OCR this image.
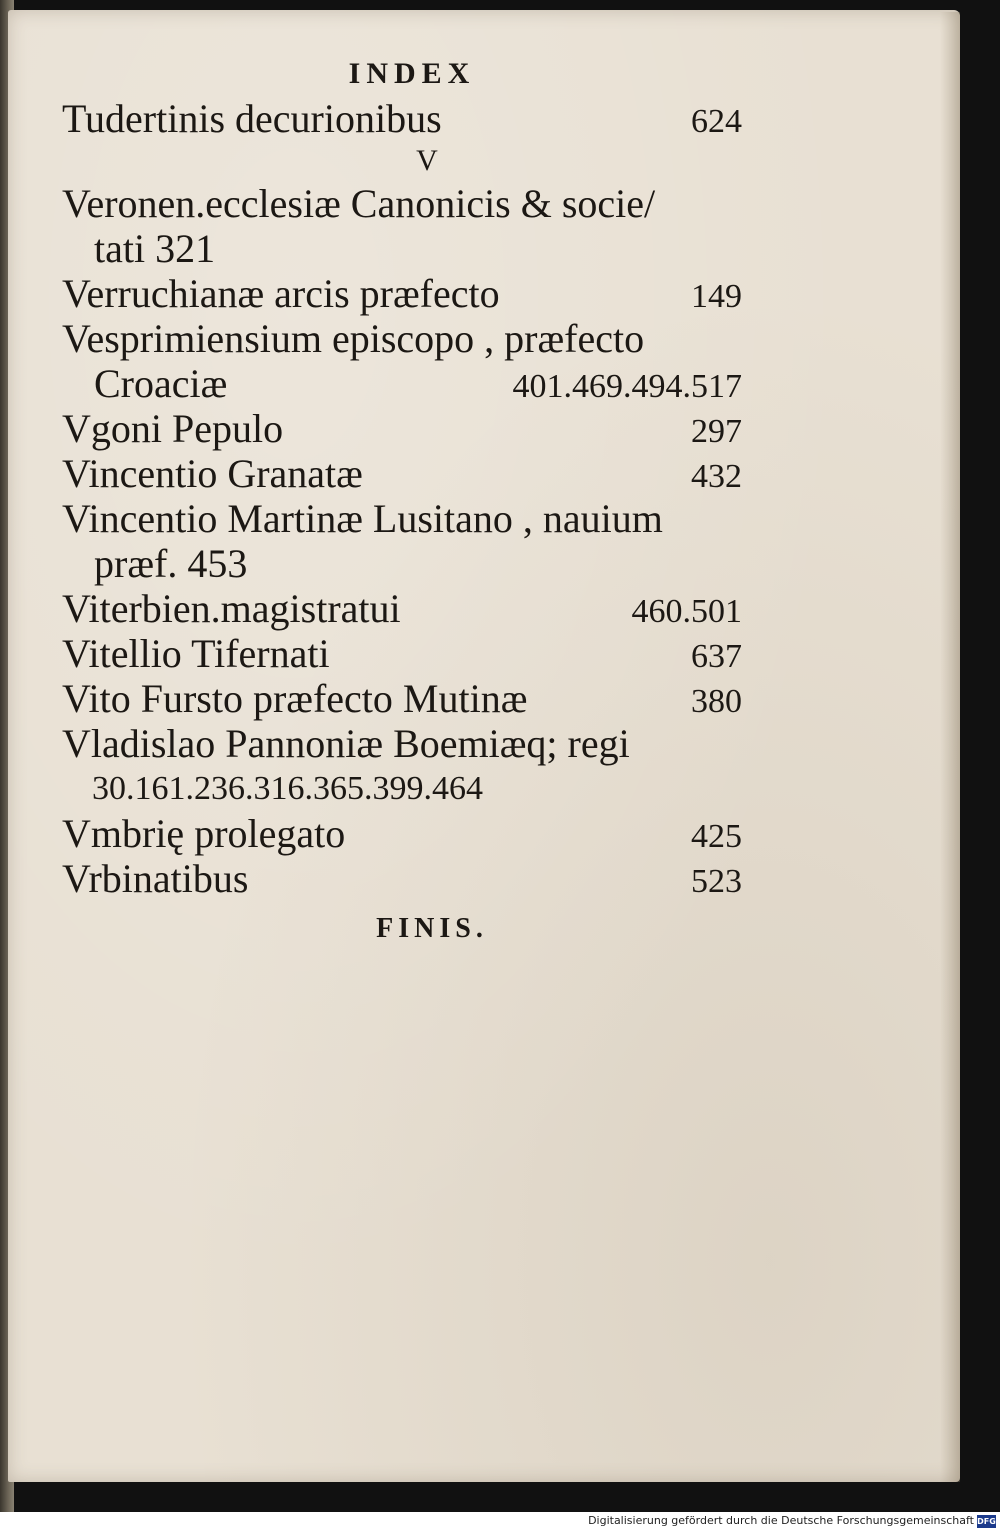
INDEX
Tudertinis decurionibus	624
V
Veronen.ecclesiæ Canonicis & socie/
tati 321
Verruchianæ arcis præfecto	149
Vesprimiensium episcopo , præfecto
Croaciæ	401.469.494.517
Vgoni Pepulo	297
Vincentio Granatæ	432
Vincentio Martinæ Lusitano , nauium
præf. 453
Viterbien.magistratui	460.501
Vitellio Tifernati	637
Vito Fursto præfecto Mutinæ	380
Vladislao Pannoniæ Boemiæq; regi
30.161.236.316.365.399.464
Vmbrię prolegato	425
Vrbinatibus	523
FINIS.
Digitalisierung gefördert durch die Deutsche Forschungsgemeinschaft DFG
